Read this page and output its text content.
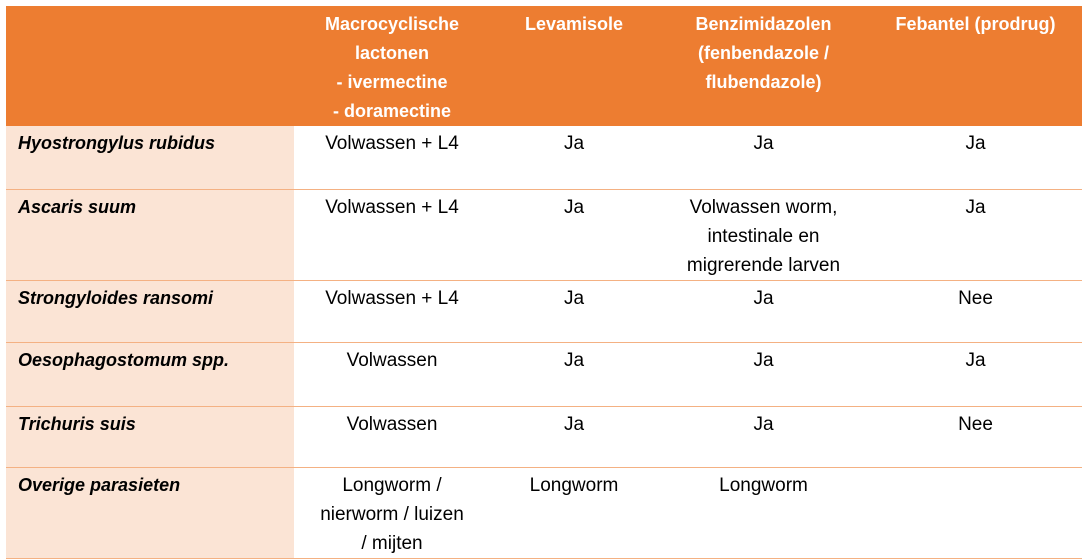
	Macrocyclische
lactonen
- ivermectine
- doramectine	Levamisole	Benzimidazolen
(fenbendazole /
flubendazole)	Febantel (prodrug)

Hyostrongylus rubidus	Volwassen + L4	Ja	Ja	Ja

Ascaris suum	Volwassen + L4	Ja	Volwassen worm,
intestinale en
migrerende larven	Ja

Strongyloides ransomi	Volwassen + L4	Ja	Ja	Nee

Oesophagostomum spp.	Volwassen	Ja	Ja	Ja

Trichuris suis	Volwassen	Ja	Ja	Nee

Overige parasieten	Longworm /
nierworm / luizen
/ mijten	Longworm	Longworm	
